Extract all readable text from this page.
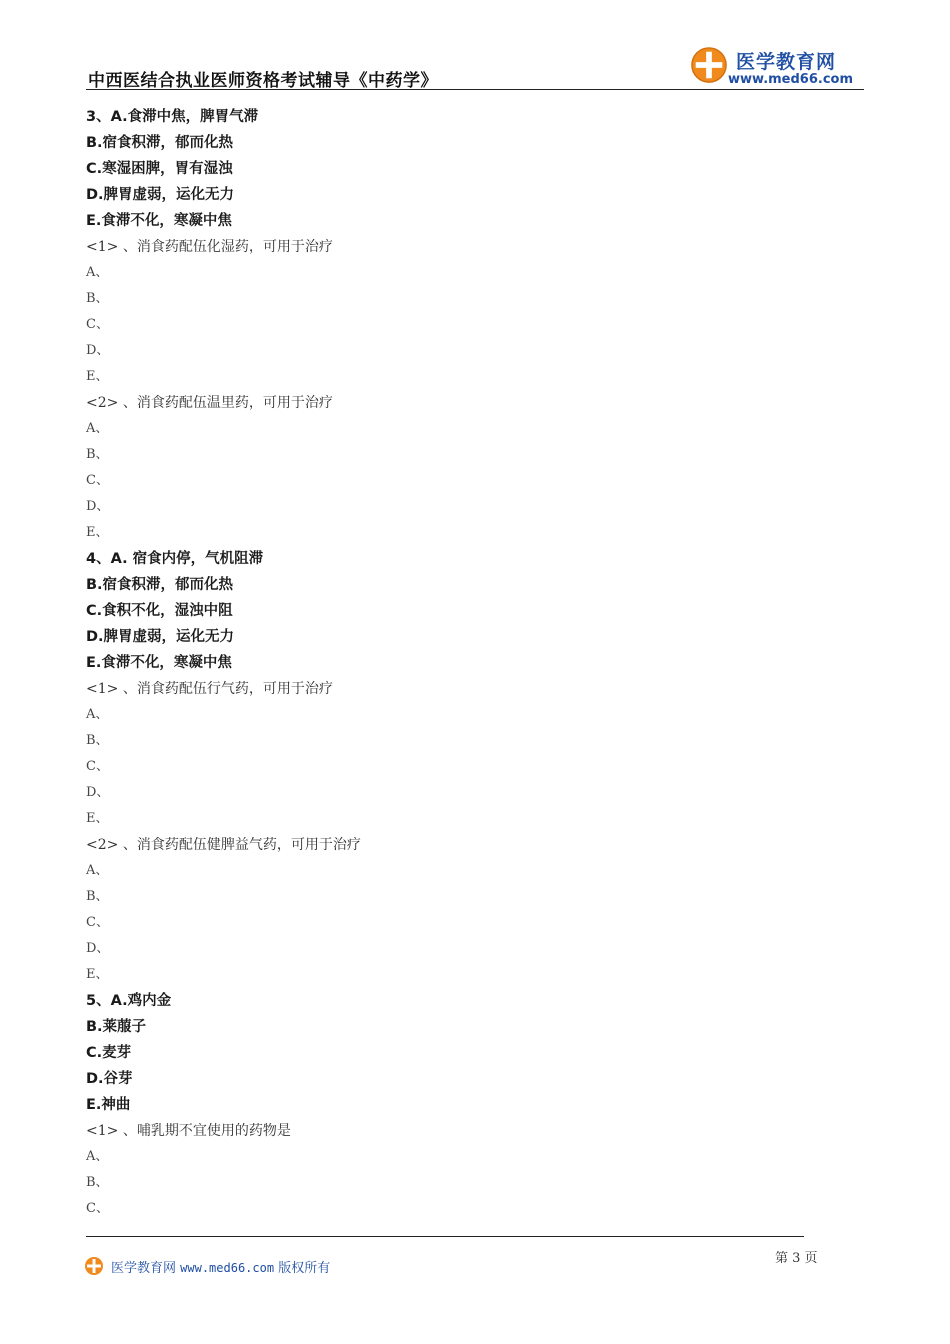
中西医结合执业医师资格考试辅导《中药学》
医学教育网
www.med66.com
3、A.食滞中焦，脾胃气滞
B.宿食积滞，郁而化热
C.寒湿困脾，胃有湿浊
D.脾胃虚弱，运化无力
E.食滞不化，寒凝中焦
<1> 、消食药配伍化湿药，可用于治疗
A、
B、
C、
D、
E、
<2> 、消食药配伍温里药，可用于治疗
A、
B、
C、
D、
E、
4、A. 宿食内停，气机阻滞
B.宿食积滞，郁而化热
C.食积不化，湿浊中阻
D.脾胃虚弱，运化无力
E.食滞不化，寒凝中焦
<1> 、消食药配伍行气药，可用于治疗
A、
B、
C、
D、
E、
<2> 、消食药配伍健脾益气药，可用于治疗
A、
B、
C、
D、
E、
5、A.鸡内金
B.莱菔子
C.麦芽
D.谷芽
E.神曲
<1> 、哺乳期不宜使用的药物是
A、
B、
C、
第 3 页
医学教育网 www.med66.com 版权所有
